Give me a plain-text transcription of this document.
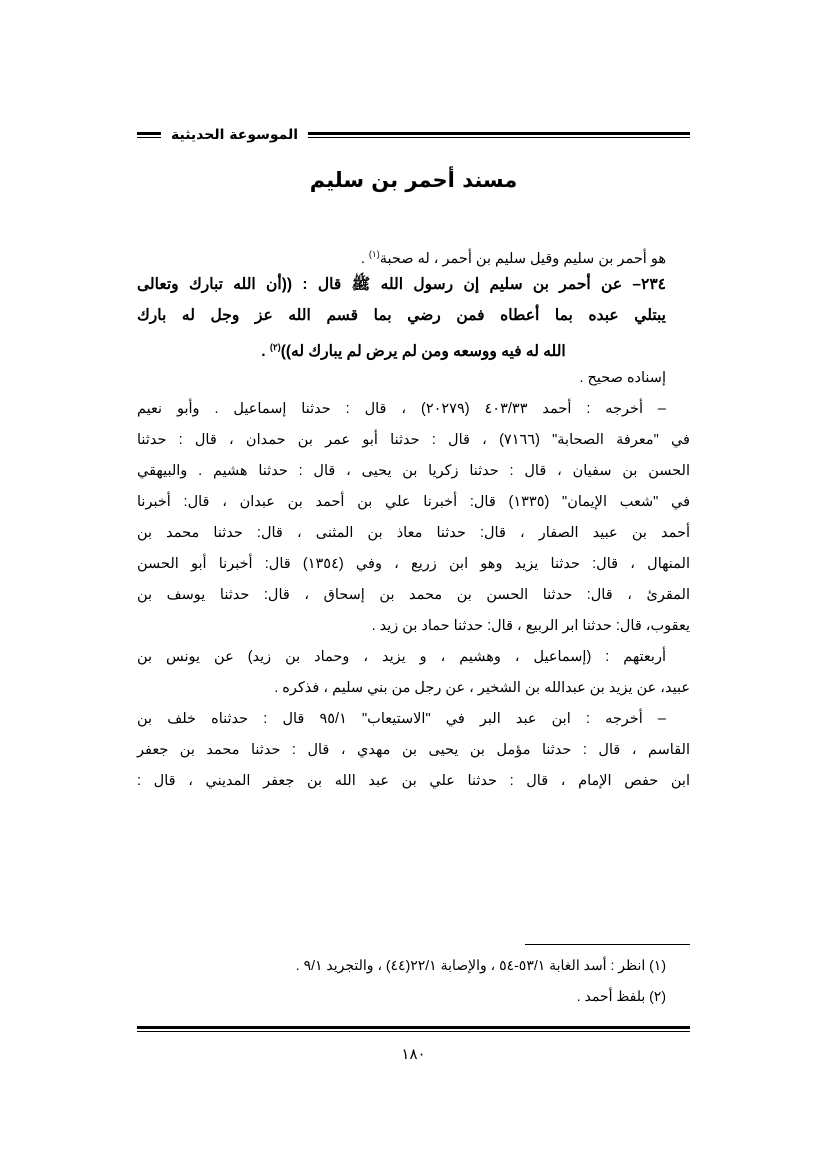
الموسوعة الحديثية
مسند أحمر بن سليم
هو أحمر بن سليم وقيل سليم بن أحمر ، له صحبة$^{(١)}$ .
٢٣٤– عن أحمر بن سليم إن رسول الله ﷺ قال : ((أن الله تبارك وتعالى
يبتلي عبده بما أعطاه فمن رضي بما قسم الله عز وجل له بارك
الله له فيه ووسعه ومن لم يرض لم يبارك له))$^{(٢)}$ .
إسناده صحيح .
– أخرجه : أحمد ٤٠٣/٣٣ (٢٠٢٧٩) ، قال : حدثنا إسماعيل . وأبو نعيم
في "معرفة الصحابة" (٧١٦٦) ، قال : حدثنا أبو عمر بن حمدان ، قال : حدثنا
الحسن بن سفيان ، قال : حدثنا زكريا بن يحيى ، قال : حدثنا هشيم . والبيهقي
في "شعب الإيمان" (١٣٣٥) قال: أخبرنا علي بن أحمد بن عبدان ، قال: أخبرنا
أحمد بن عبيد الصفار ، قال: حدثنا معاذ بن المثنى ، قال: حدثنا محمد بن
المنهال ، قال: حدثنا يزيد وهو ابن زريع ، وفي (١٣٥٤) قال: أخبرنا أبو الحسن
المقرئ ، قال: حدثنا الحسن بن محمد بن إسحاق ، قال: حدثنا يوسف بن
يعقوب، قال: حدثنا ابر الربيع ، قال: حدثنا حماد بن زيد .
أربعتهم : (إسماعيل ، وهشيم ، و يزيد ، وحماد بن زيد) عن يونس بن
عبيد، عن يزيد بن عبدالله بن الشخير ، عن رجل من بني سليم ، فذكره .
– أخرجه : ابن عبد البر في "الاستيعاب" ٩٥/١ قال : حدثناه خلف بن
القاسم ، قال : حدثنا مؤمل بن يحيى بن مهدي ، قال : حدثنا محمد بن جعفر
ابن حفص الإمام ، قال : حدثنا علي بن عبد الله بن جعفر المديني ، قال :
(١) انظر : أسد الغابة ٥٣/١-٥٤ ، والإصابة ٢٢/١(٤٤) ، والتجريد ٩/١ .
(٢) بلفظ أحمد .
١٨٠
